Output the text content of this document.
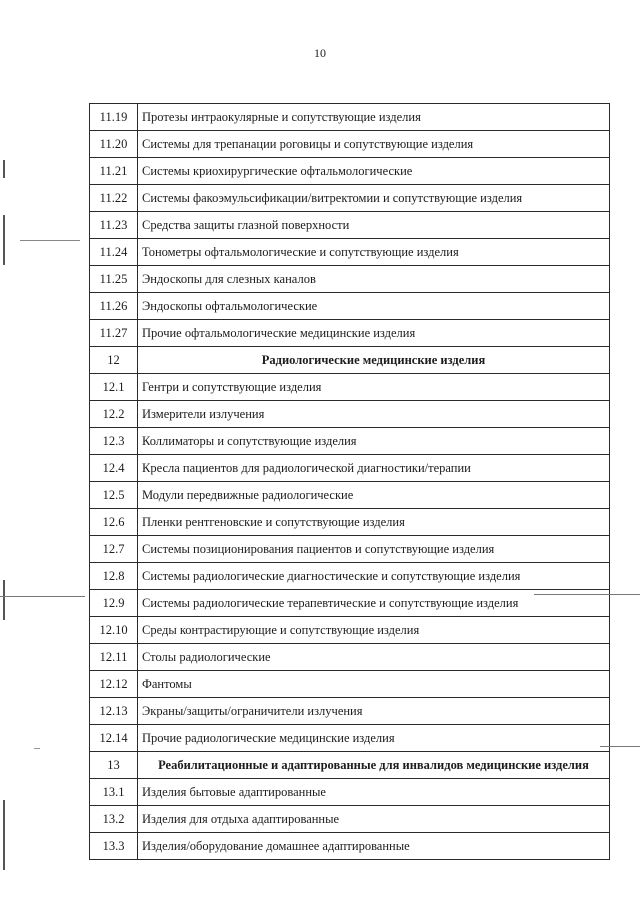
10
11.19	Протезы интраокулярные и сопутствующие изделия
11.20	Системы для трепанации роговицы и сопутствующие изделия
11.21	Системы криохирургические офтальмологические
11.22	Системы факоэмульсификации/витректомии и сопутствующие изделия
11.23	Средства защиты глазной поверхности
11.24	Тонометры офтальмологические и сопутствующие изделия
11.25	Эндоскопы для слезных каналов
11.26	Эндоскопы офтальмологические
11.27	Прочие офтальмологические медицинские изделия
12	Радиологические медицинские изделия
12.1	Гентри и сопутствующие изделия
12.2	Измерители излучения
12.3	Коллиматоры и сопутствующие изделия
12.4	Кресла пациентов для радиологической диагностики/терапии
12.5	Модули передвижные радиологические
12.6	Пленки рентгеновские и сопутствующие изделия
12.7	Системы позиционирования пациентов и сопутствующие изделия
12.8	Системы радиологические диагностические и сопутствующие изделия
12.9	Системы радиологические терапевтические и сопутствующие изделия
12.10	Среды контрастирующие и сопутствующие изделия
12.11	Столы радиологические
12.12	Фантомы
12.13	Экраны/защиты/ограничители излучения
12.14	Прочие радиологические медицинские изделия
13	Реабилитационные и адаптированные для инвалидов медицинские изделия
13.1	Изделия бытовые адаптированные
13.2	Изделия для отдыха адаптированные
13.3	Изделия/оборудование домашнее адаптированные
